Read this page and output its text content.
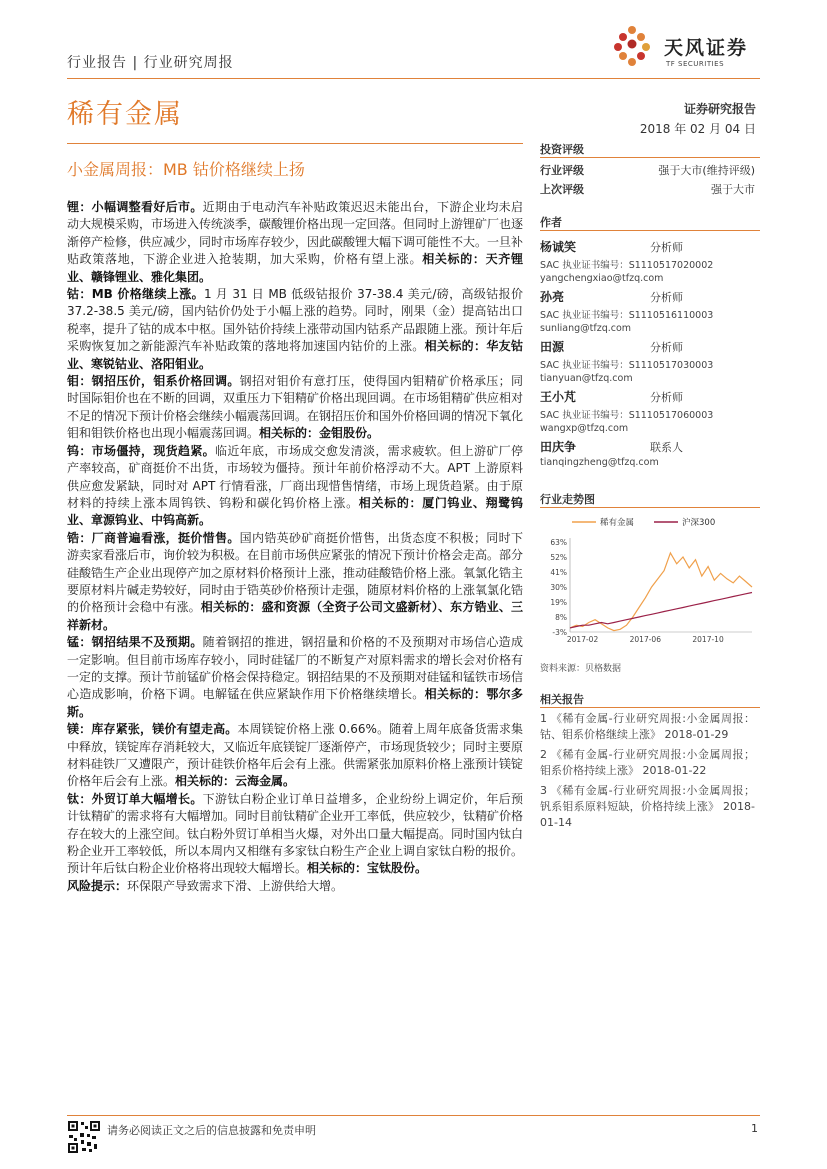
行业报告 | 行业研究周报
天风证券
TF SECURITIES
稀有金属	证券研究报告
2018 年 02 月 04 日
小金属周报：MB 钴价格继续上扬

锂：小幅调整看好后市。近期由于电动汽车补贴政策迟迟未能出台，下游企业均未启动大规模采购，市场进入传统淡季，碳酸锂价格出现一定回落。但同时上游锂矿厂也逐渐停产检修，供应减少，同时市场库存较少，因此碳酸锂大幅下调可能性不大。一旦补贴政策落地，下游企业进入抢装期，加大采购，价格有望上涨。相关标的：天齐锂业、赣锋锂业、雅化集团。

钴：MB 价格继续上涨。1 月 31 日 MB 低级钴报价 37-38.4 美元/磅，高级钴报价 37.2-38.5 美元/磅，国内钴价仍处于小幅上涨的趋势。同时，刚果（金）提高钴出口税率，提升了钴的成本中枢。国外钴价持续上涨带动国内钴系产品跟随上涨。预计年后采购恢复加之新能源汽车补贴政策的落地将加速国内钴价的上涨。相关标的：华友钴业、寒锐钴业、洛阳钼业。

钼：钢招压价，钼系价格回调。钢招对钼价有意打压，使得国内钼精矿价格承压；同时国际钼价也在不断的回调，双重压力下钼精矿价格出现回调。在市场钼精矿供应相对不足的情况下预计价格会继续小幅震荡回调。在钢招压价和国外价格回调的情况下氧化钼和钼铁价格也出现小幅震荡回调。相关标的：金钼股份。

钨：市场僵持，现货趋紧。临近年底，市场成交愈发清淡，需求疲软。但上游矿厂停产率较高，矿商挺价不出货，市场较为僵持。预计年前价格浮动不大。APT 上游原料供应愈发紧缺，同时对 APT 行情看涨，厂商出现惜售情绪，市场上现货趋紧。由于原材料的持续上涨本周钨铁、钨粉和碳化钨价格上涨。相关标的：厦门钨业、翔鹭钨业、章源钨业、中钨高新。

锆：厂商普遍看涨，挺价惜售。国内锆英砂矿商挺价惜售，出货态度不积极；同时下游卖家看涨后市，询价较为积极。在目前市场供应紧张的情况下预计价格会走高。部分硅酸锆生产企业出现停产加之原材料价格预计上涨，推动硅酸锆价格上涨。氧氯化锆主要原材料片碱走势较好，同时由于锆英砂价格预计走强，随原材料价格的上涨氧氯化锆的价格预计会稳中有涨。相关标的：盛和资源（全资子公司文盛新材）、东方锆业、三祥新材。

锰：钢招结果不及预期。随着钢招的推进，钢招量和价格的不及预期对市场信心造成一定影响。但目前市场库存较小，同时硅锰厂的不断复产对原料需求的增长会对价格有一定的支撑。预计节前锰矿价格会保持稳定。钢招结果的不及预期对硅锰和锰铁市场信心造成影响，价格下调。电解锰在供应紧缺作用下价格继续增长。相关标的：鄂尔多斯。

镁：库存紧张，镁价有望走高。本周镁锭价格上涨 0.66%。随着上周年底备货需求集中释放，镁锭库存消耗较大，又临近年底镁锭厂逐渐停产，市场现货较少；同时主要原材料硅铁厂又遭限产，预计硅铁价格年后会有上涨。供需紧张加原料价格上涨预计镁锭价格年后会有上涨。相关标的：云海金属。

钛：外贸订单大幅增长。下游钛白粉企业订单日益增多，企业纷纷上调定价，年后预计钛精矿的需求将有大幅增加。同时目前钛精矿企业开工率低，供应较少，钛精矿价格存在较大的上涨空间。钛白粉外贸订单相当火爆，对外出口量大幅提高。同时国内钛白粉企业开工率较低，所以本周内又相继有多家钛白粉生产企业上调自家钛白粉的报价。预计年后钛白粉企业价格将出现较大幅增长。相关标的：宝钛股份。

风险提示：环保限产导致需求下滑、上游供给大增。

投资评级
行业评级	强于大市(维持评级)
上次评级	强于大市
作者
杨诚笑	分析师
SAC 执业证书编号：S1110517020002
yangchengxiao@tfzq.com
孙亮	分析师
SAC 执业证书编号：S1110516110003
sunliang@tfzq.com
田源	分析师
SAC 执业证书编号：S1110517030003
tianyuan@tfzq.com
王小芃	分析师
SAC 执业证书编号：S1110517060003
wangxp@tfzq.com
田庆争	联系人
tianqingzheng@tfzq.com
行业走势图
稀有金属	沪深300
63%
52%
41%
30%
19%
8%
-3%
2017-02	2017-06	2017-10
资料来源：贝格数据
相关报告

1 《稀有金属-行业研究周报:小金属周报：钴、钼系价格继续上涨》 2018-01-29

2 《稀有金属-行业研究周报:小金属周报；钼系价格持续上涨》 2018-01-22

3 《稀有金属-行业研究周报:小金属周报；钒系钼系原料短缺，价格持续上涨》 2018-01-14

请务必阅读正文之后的信息披露和免责申明	1
